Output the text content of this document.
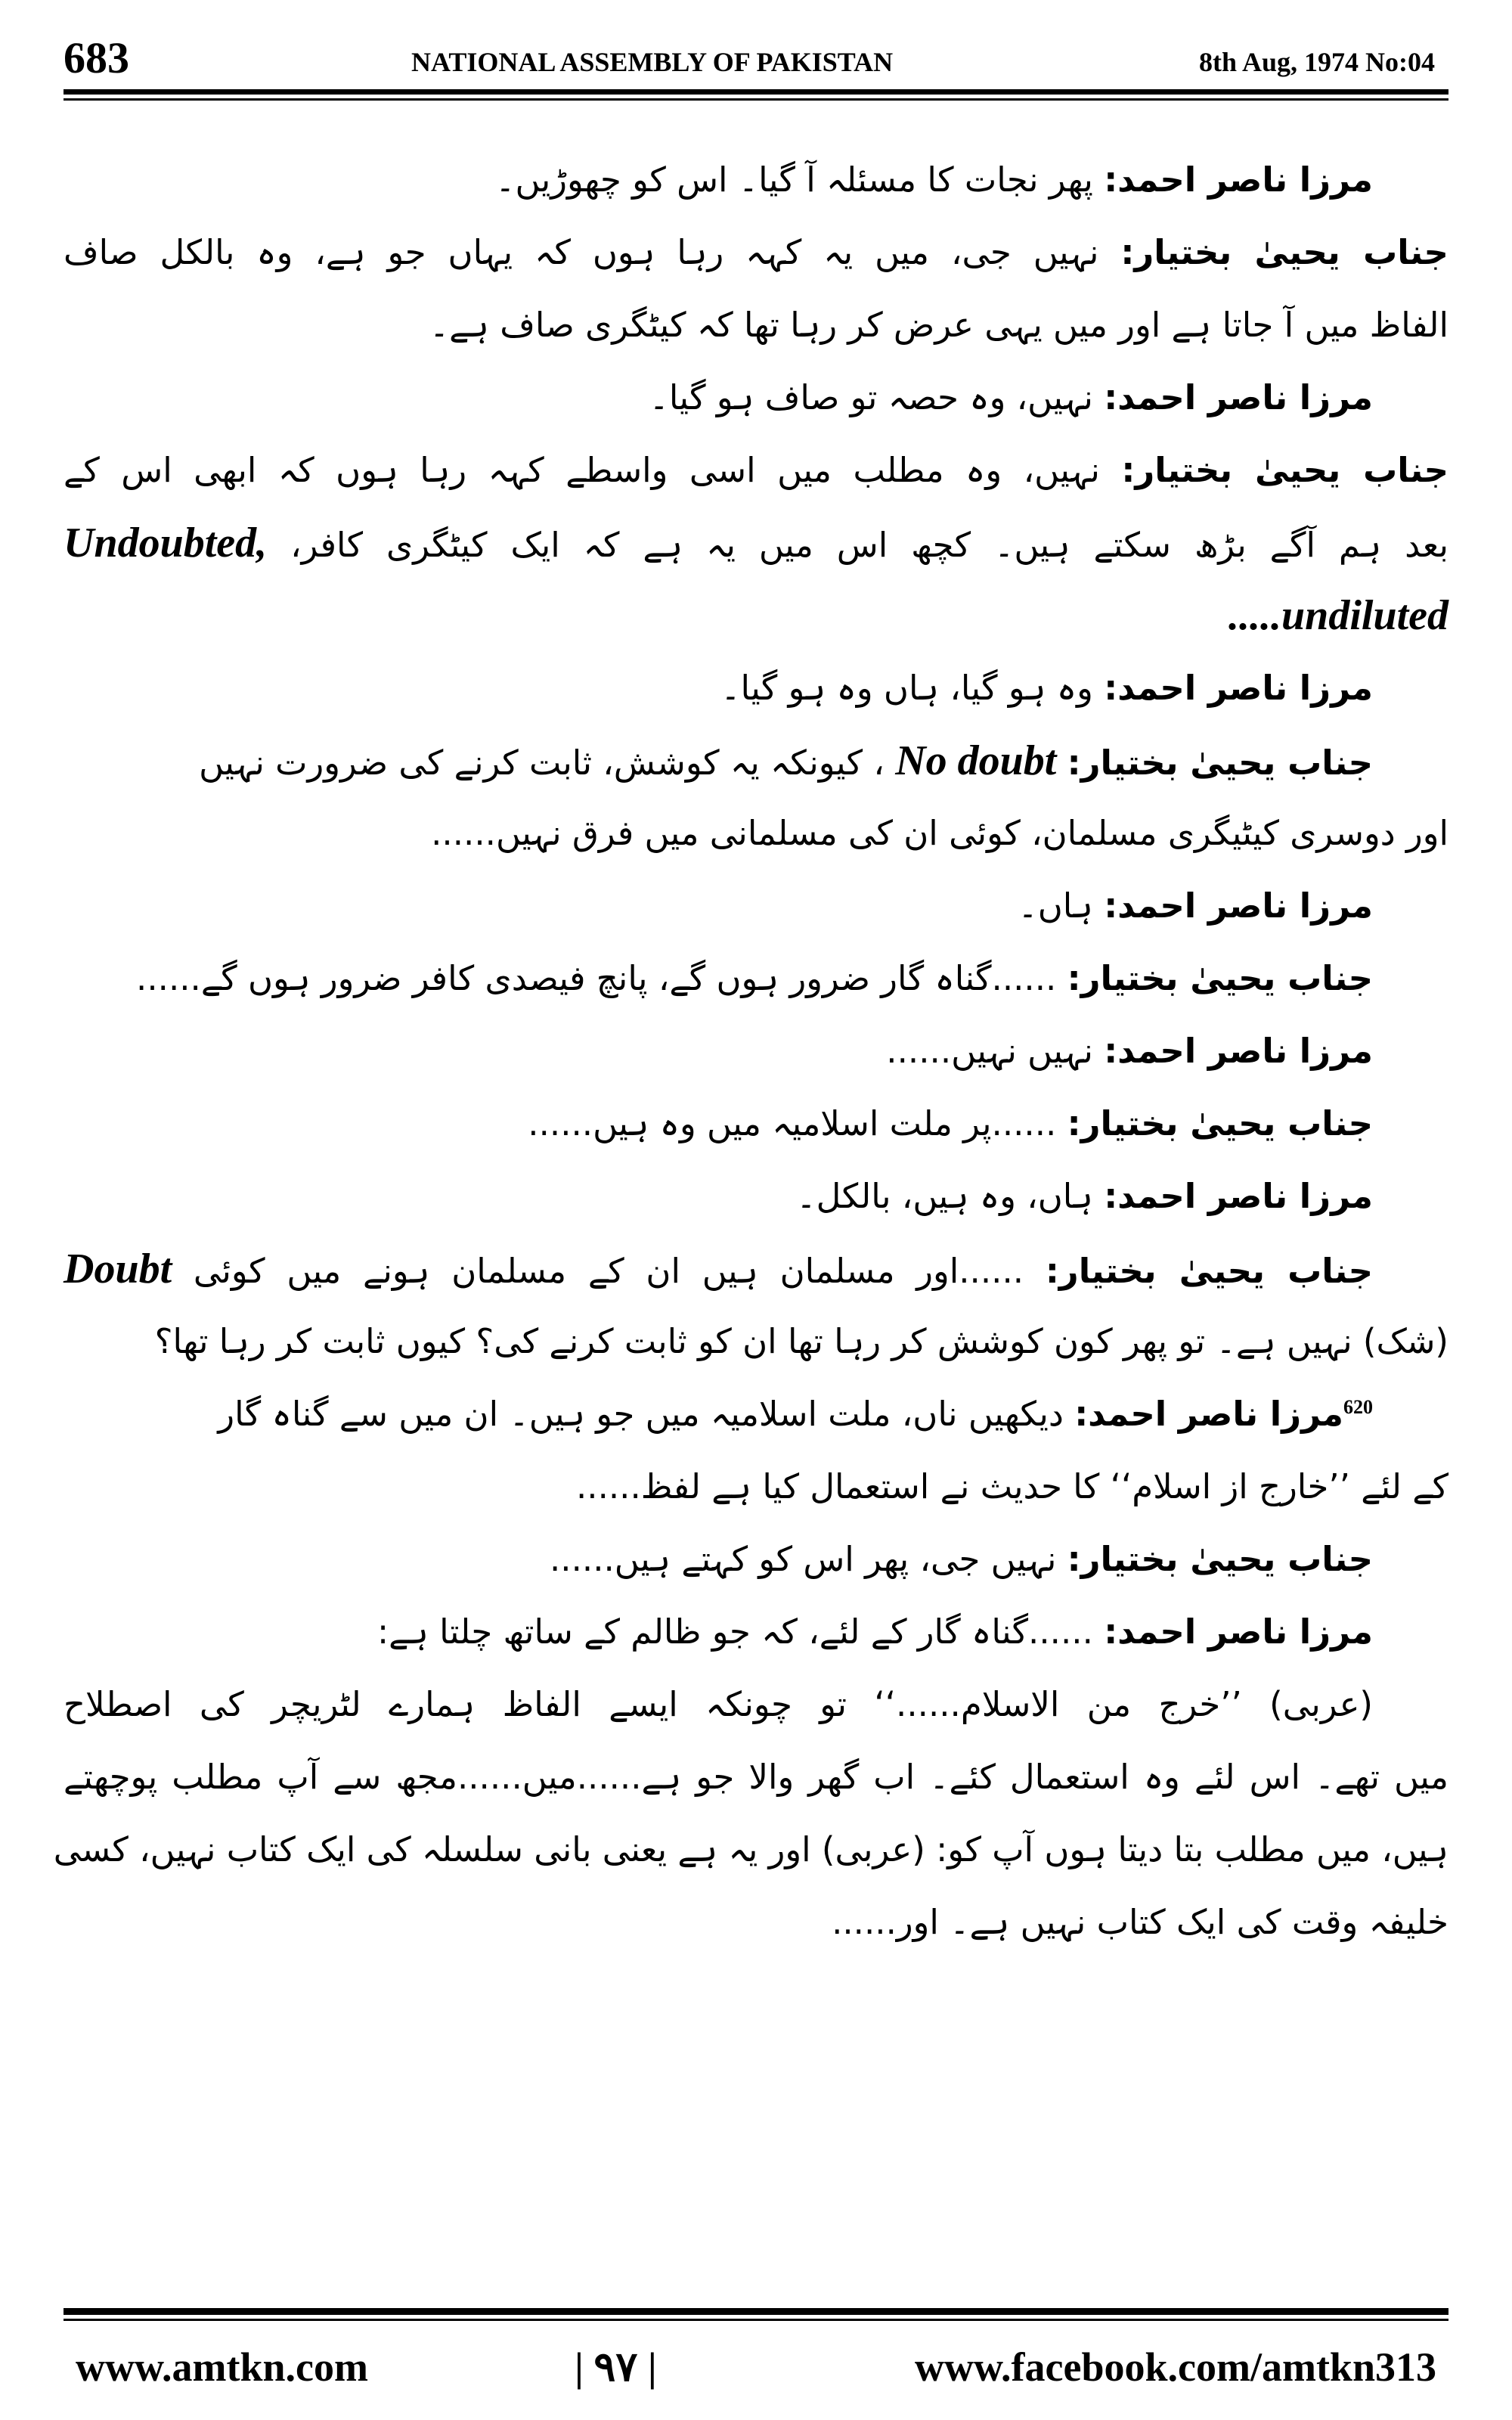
683	NATIONAL ASSEMBLY OF PAKISTAN	8th Aug, 1974 No:04
مرزا ناصر احمد: پھر نجات کا مسئلہ آ گیا۔ اس کو چھوڑیں۔
جناب یحییٰ بختیار: نہیں جی، میں یہ کہہ رہا ہوں کہ یہاں جو ہے، وہ بالکل صاف
الفاظ میں آ جاتا ہے اور میں یہی عرض کر رہا تھا کہ کیٹگری صاف ہے۔
مرزا ناصر احمد: نہیں، وہ حصہ تو صاف ہو گیا۔
جناب یحییٰ بختیار: نہیں، وہ مطلب میں اسی واسطے کہہ رہا ہوں کہ ابھی اس کے
بعد ہم آگے بڑھ سکتے ہیں۔ کچھ اس میں یہ ہے کہ ایک کیٹگری کافر، Undoubted,
undiluted.....
مرزا ناصر احمد: وہ ہو گیا، ہاں وہ ہو گیا۔
جناب یحییٰ بختیار: No doubt ، کیونکہ یہ کوشش، ثابت کرنے کی ضرورت نہیں
اور دوسری کیٹیگری مسلمان، کوئی ان کی مسلمانی میں فرق نہیں......
مرزا ناصر احمد: ہاں۔
جناب یحییٰ بختیار: ......گناہ گار ضرور ہوں گے، پانچ فیصدی کافر ضرور ہوں گے......
مرزا ناصر احمد: نہیں نہیں......
جناب یحییٰ بختیار: ......پر ملت اسلامیہ میں وہ ہیں......
مرزا ناصر احمد: ہاں، وہ ہیں، بالکل۔
جناب یحییٰ بختیار: ......اور مسلمان ہیں ان کے مسلمان ہونے میں کوئی Doubt
(شک) نہیں ہے۔ تو پھر کون کوشش کر رہا تھا ان کو ثابت کرنے کی؟ کیوں ثابت کر رہا تھا؟
$^{620}$مرزا ناصر احمد: دیکھیں ناں، ملت اسلامیہ میں جو ہیں۔ ان میں سے گناہ گار
کے لئے ’’خارج از اسلام‘‘ کا حدیث نے استعمال کیا ہے لفظ......
جناب یحییٰ بختیار: نہیں جی، پھر اس کو کہتے ہیں......
مرزا ناصر احمد: ......گناہ گار کے لئے، کہ جو ظالم کے ساتھ چلتا ہے:
(عربی) ’’خرج من الاسلام......‘‘ تو چونکہ ایسے الفاظ ہمارے لٹریچر کی اصطلاح
میں تھے۔ اس لئے وہ استعمال کئے۔ اب گھر والا جو ہے......میں......مجھ سے آپ مطلب پوچھتے
ہیں، میں مطلب بتا دیتا ہوں آپ کو: (عربی) اور یہ ہے یعنی بانی سلسلہ کی ایک کتاب نہیں، کسی
خلیفہ وقت کی ایک کتاب نہیں ہے۔ اور......
www.amtkn.com	| ۹۷ |	www.facebook.com/amtkn313
